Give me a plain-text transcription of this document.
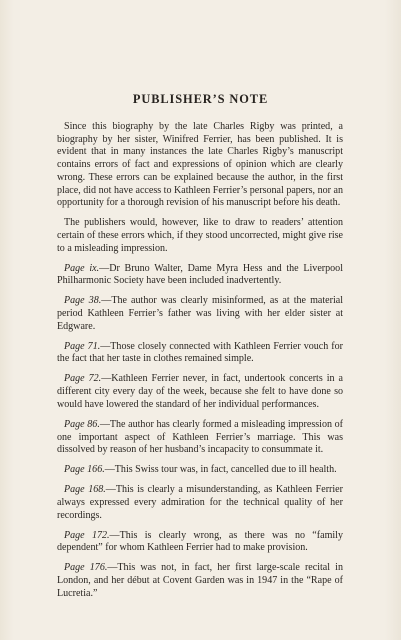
PUBLISHER’S NOTE

Since this biography by the late Charles Rigby was printed, a biography by her sister, Winifred Ferrier, has been published. It is evident that in many instances the late Charles Rigby’s manuscript contains errors of fact and expressions of opinion which are clearly wrong. These errors can be explained because the author, in the first place, did not have access to Kathleen Ferrier’s personal papers, nor an opportunity for a thorough revision of his manuscript before his death.

The publishers would, however, like to draw to readers’ attention certain of these errors which, if they stood uncorrected, might give rise to a misleading impression.

Page ix.—Dr Bruno Walter, Dame Myra Hess and the Liverpool Philharmonic Society have been included inadvertently.

Page 38.—The author was clearly misinformed, as at the material period Kathleen Ferrier’s father was living with her elder sister at Edgware.

Page 71.—Those closely connected with Kathleen Ferrier vouch for the fact that her taste in clothes remained simple.

Page 72.—Kathleen Ferrier never, in fact, undertook concerts in a different city every day of the week, because she felt to have done so would have lowered the standard of her individual performances.

Page 86.—The author has clearly formed a misleading impression of one important aspect of Kathleen Ferrier’s marriage. This was dissolved by reason of her husband’s incapacity to consummate it.

Page 166.—This Swiss tour was, in fact, cancelled due to ill health.

Page 168.—This is clearly a misunderstanding, as Kathleen Ferrier always expressed every admiration for the technical quality of her recordings.

Page 172.—This is clearly wrong, as there was no “family dependent” for whom Kathleen Ferrier had to make provision.

Page 176.—This was not, in fact, her first large-scale recital in London, and her début at Covent Garden was in 1947 in the “Rape of Lucretia.”
